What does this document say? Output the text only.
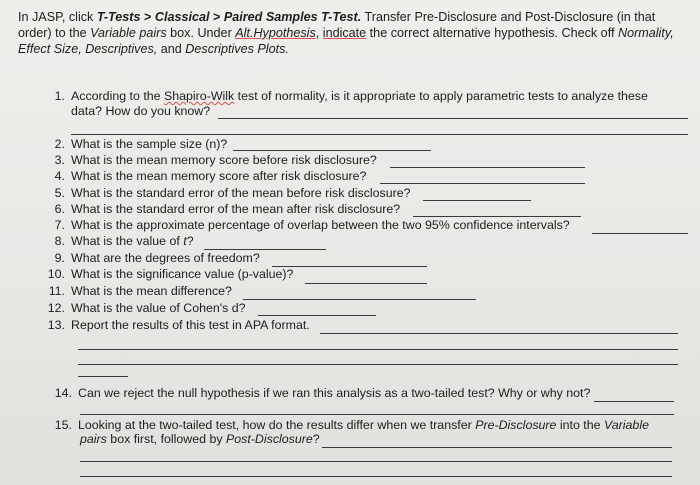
In JASP, click T-Tests > Classical > Paired Samples T-Test. Transfer Pre-Disclosure and Post-Disclosure (in that order) to the Variable pairs box. Under Alt.Hypothesis, indicate the correct alternative hypothesis. Check off Normality, Effect Size, Descriptives, and Descriptives Plots.
1. According to the Shapiro-Wilk test of normality, is it appropriate to apply parametric tests to analyze these
data? How do you know?
2. What is the sample size (n)?
3. What is the mean memory score before risk disclosure?
4. What is the mean memory score after risk disclosure?
5. What is the standard error of the mean before risk disclosure?
6. What is the standard error of the mean after risk disclosure?
7. What is the approximate percentage of overlap between the two 95% confidence intervals?
8. What is the value of t?
9. What are the degrees of freedom?
10. What is the significance value (p-value)?
11. What is the mean difference?
12. What is the value of Cohen's d?
13. Report the results of this test in APA format.
14. Can we reject the null hypothesis if we ran this analysis as a two-tailed test? Why or why not?
15. Looking at the two-tailed test, how do the results differ when we transfer Pre-Disclosure into the Variable
pairs box first, followed by Post-Disclosure?
